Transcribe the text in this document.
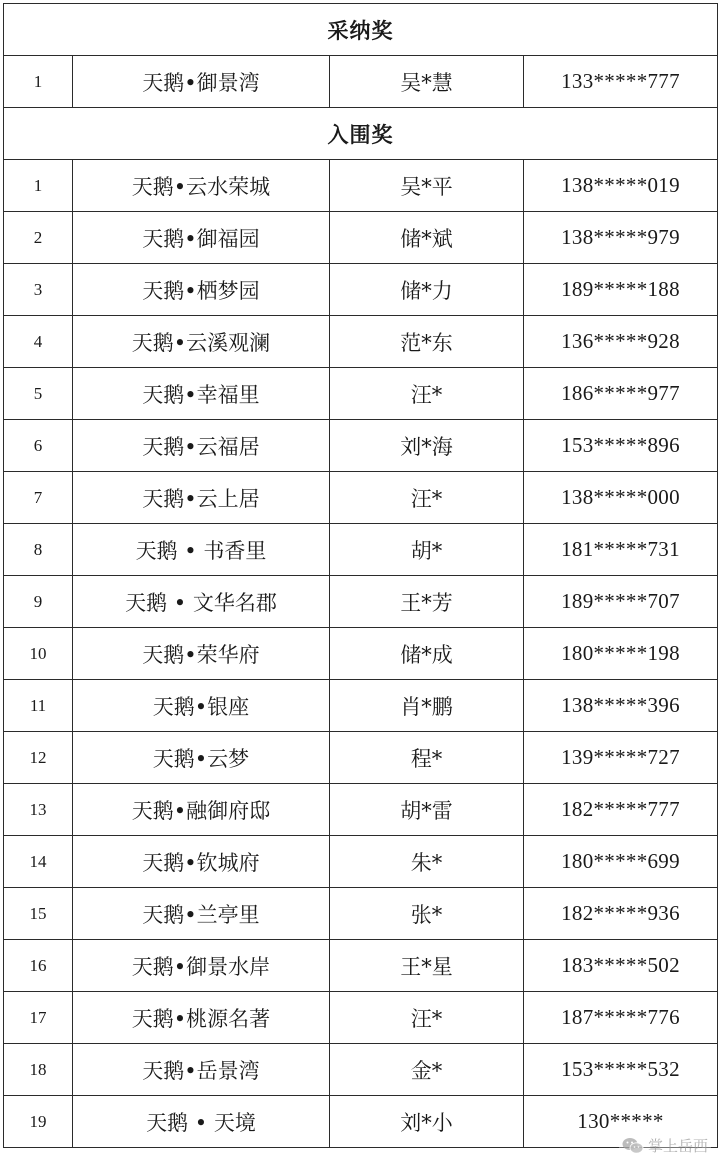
采纳奖			
1	天鹅•御景湾	吴*慧	133*****777
入围奖			
1	天鹅•云水荣城	吴*平	138*****019
2	天鹅•御福园	储*斌	138*****979
3	天鹅•栖梦园	储*力	189*****188
4	天鹅•云溪观澜	范*东	136*****928
5	天鹅•幸福里	汪*	186*****977
6	天鹅•云福居	刘*海	153*****896
7	天鹅•云上居	汪*	138*****000
8	天鹅 • 书香里	胡*	181*****731
9	天鹅 • 文华名郡	王*芳	189*****707
10	天鹅•荣华府	储*成	180*****198
11	天鹅•银座	肖*鹏	138*****396
12	天鹅•云梦	程*	139*****727
13	天鹅•融御府邸	胡*雷	182*****777
14	天鹅•钦城府	朱*	180*****699
15	天鹅•兰亭里	张*	182*****936
16	天鹅•御景水岸	王*星	183*****502
17	天鹅•桃源名著	汪*	187*****776
18	天鹅•岳景湾	金*	153*****532
19	天鹅 • 天境	刘*小	130*****
掌上岳西
